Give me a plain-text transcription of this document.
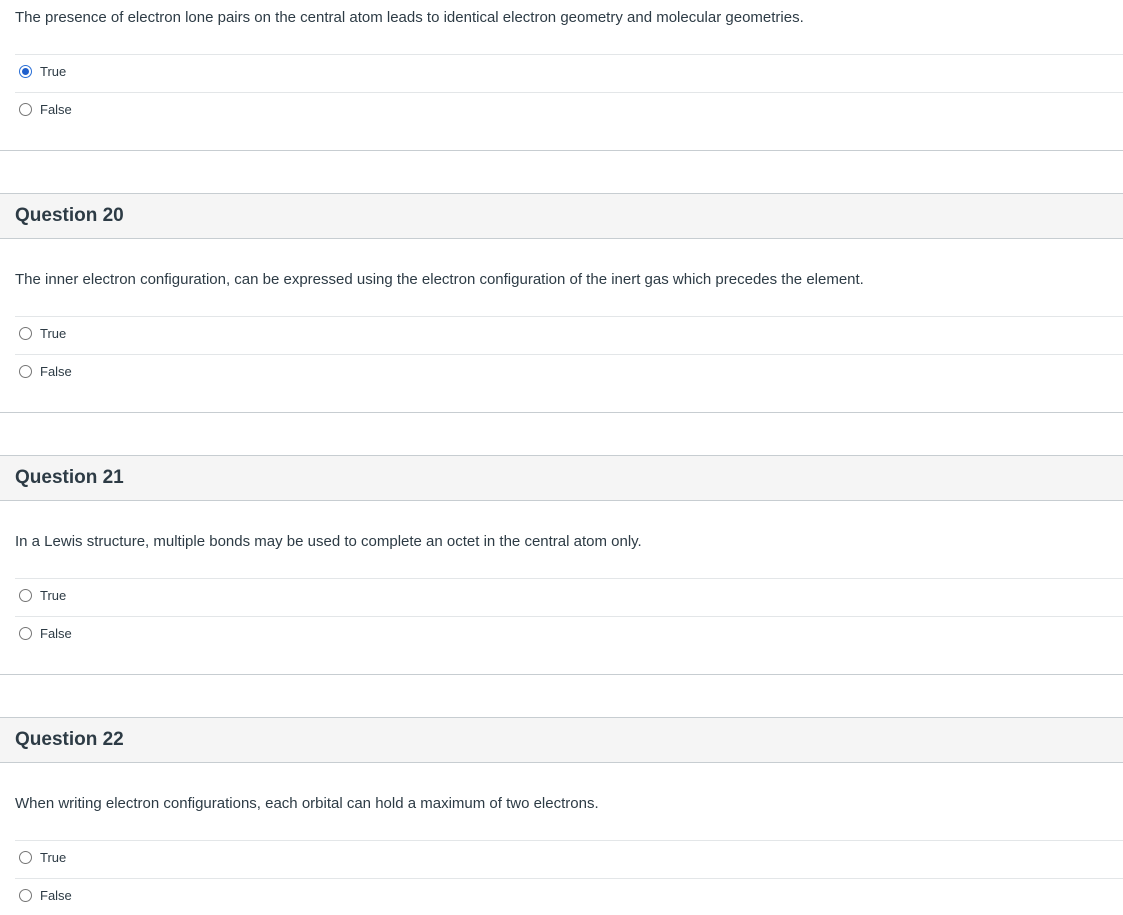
The presence of electron lone pairs on the central atom leads to identical electron geometry and molecular geometries.
True
False
Question 20
The inner electron configuration, can be expressed using the electron configuration of the inert gas which precedes the element.
True
False
Question 21
In a Lewis structure, multiple bonds may be used to complete an octet in the central atom only.
True
False
Question 22
When writing electron configurations, each orbital can hold a maximum of two electrons.
True
False
